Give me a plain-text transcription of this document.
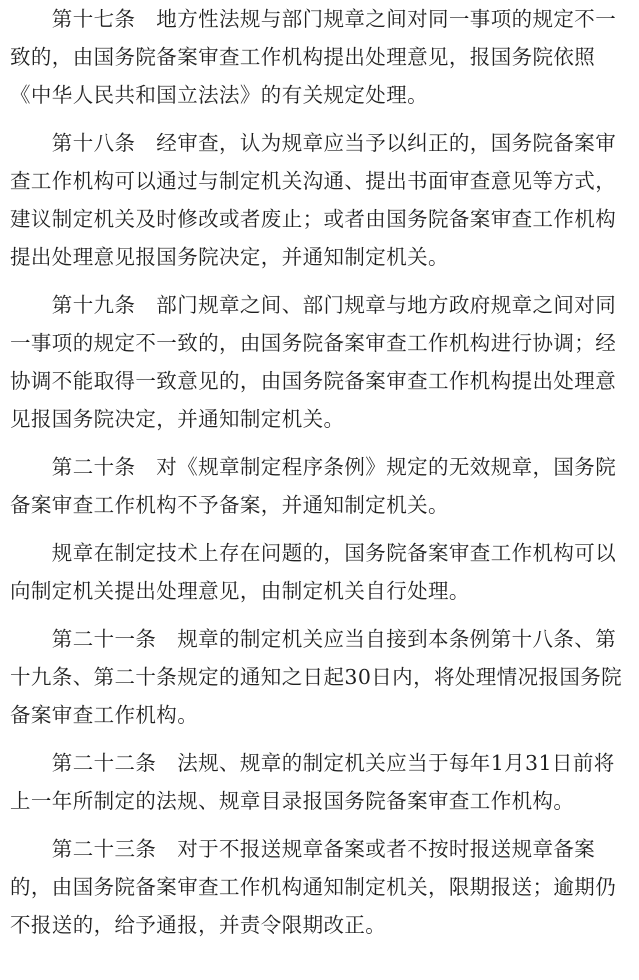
　　第十七条　地方性法规与部门规章之间对同一事项的规定不一
致的，由国务院备案审查工作机构提出处理意见，报国务院依照
《中华人民共和国立法法》的有关规定处理。
　　第十八条　经审查，认为规章应当予以纠正的，国务院备案审
查工作机构可以通过与制定机关沟通、提出书面审查意见等方式，
建议制定机关及时修改或者废止；或者由国务院备案审查工作机构
提出处理意见报国务院决定，并通知制定机关。
　　第十九条　部门规章之间、部门规章与地方政府规章之间对同
一事项的规定不一致的，由国务院备案审查工作机构进行协调；经
协调不能取得一致意见的，由国务院备案审查工作机构提出处理意
见报国务院决定，并通知制定机关。
　　第二十条　对《规章制定程序条例》规定的无效规章，国务院
备案审查工作机构不予备案，并通知制定机关。
　　规章在制定技术上存在问题的，国务院备案审查工作机构可以
向制定机关提出处理意见，由制定机关自行处理。
　　第二十一条　规章的制定机关应当自接到本条例第十八条、第
十九条、第二十条规定的通知之日起30日内，将处理情况报国务院
备案审查工作机构。
　　第二十二条　法规、规章的制定机关应当于每年1月31日前将
上一年所制定的法规、规章目录报国务院备案审查工作机构。
　　第二十三条　对于不报送规章备案或者不按时报送规章备案
的，由国务院备案审查工作机构通知制定机关，限期报送；逾期仍
不报送的，给予通报，并责令限期改正。
